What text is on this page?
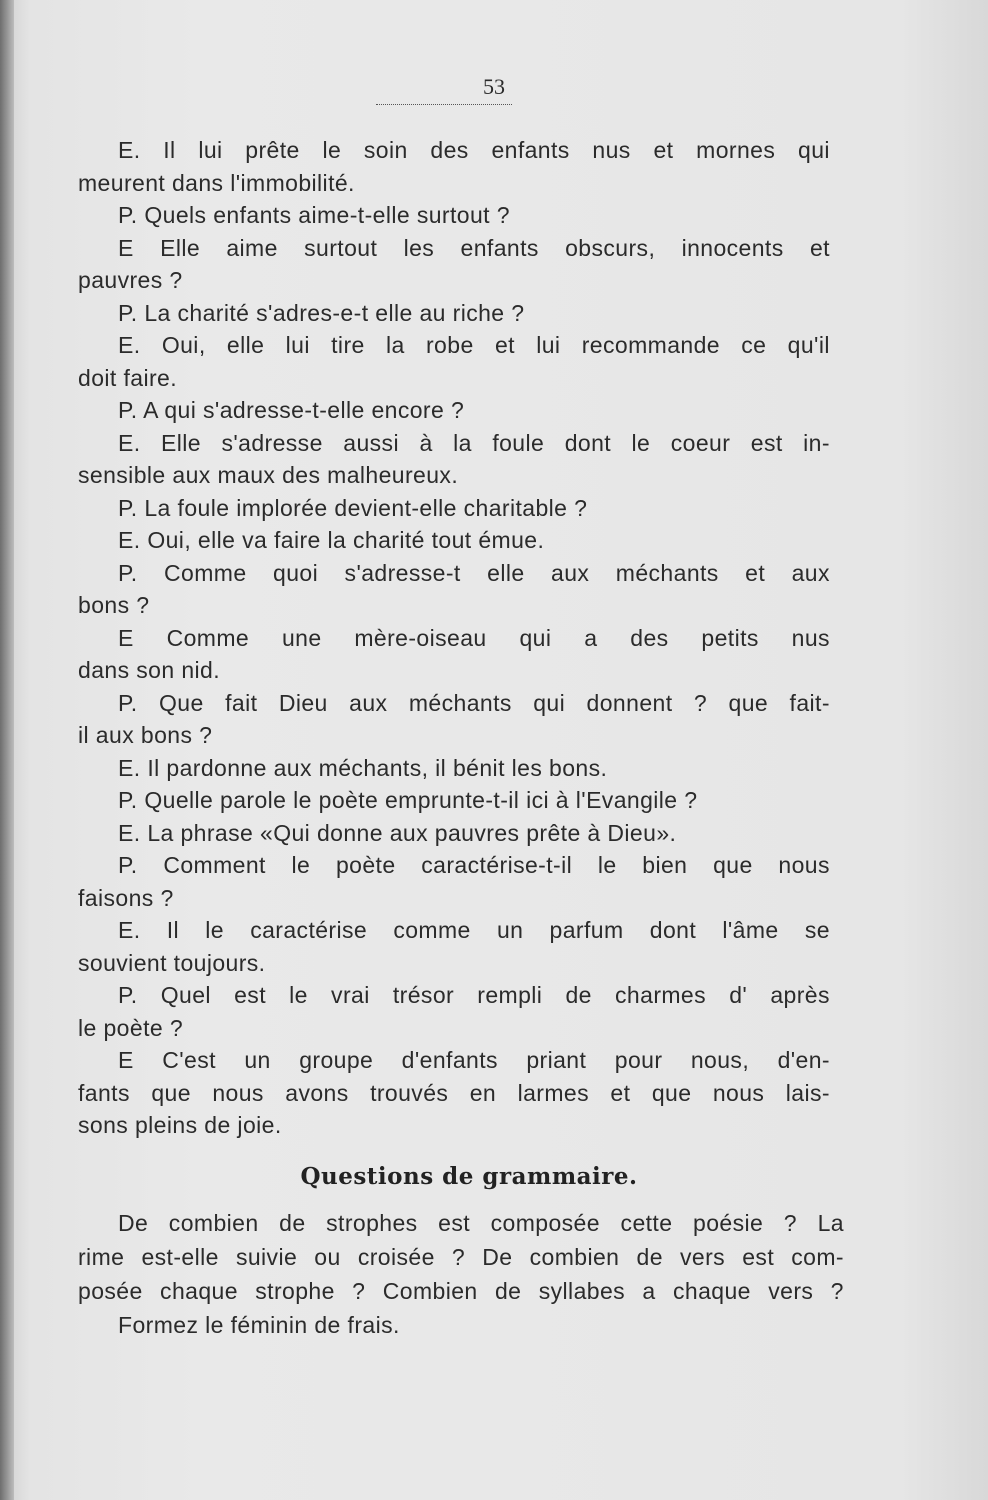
53
E. Il lui prête le soin des enfants nus et mornes qui
meurent dans l'immobilité.
P. Quels enfants aime-t-elle surtout ?
E Elle aime surtout les enfants obscurs, innocents et
pauvres ?
P. La charité s'adres-e-t elle au riche ?
E. Oui, elle lui tire la robe et lui recommande ce qu'il
doit faire.
P. A qui s'adresse-t-elle encore ?
E. Elle s'adresse aussi à la foule dont le coeur est in-
sensible aux maux des malheureux.
P. La foule implorée devient-elle charitable ?
E. Oui, elle va faire la charité tout émue.
P. Comme quoi s'adresse-t elle aux méchants et aux
bons ?
E Comme une mère-oiseau qui a des petits nus
dans son nid.
P. Que fait Dieu aux méchants qui donnent ? que fait-
il aux bons ?
E. Il pardonne aux méchants, il bénit les bons.
P. Quelle parole le poète emprunte-t-il ici à l'Evangile ?
E. La phrase «Qui donne aux pauvres prête à Dieu».
P. Comment le poète caractérise-t-il le bien que nous
faisons ?
E. Il le caractérise comme un parfum dont l'âme se
souvient toujours.
P. Quel est le vrai trésor rempli de charmes d' après
le poète ?
E C'est un groupe d'enfants priant pour nous, d'en-
fants que nous avons trouvés en larmes et que nous lais-
sons pleins de joie.
Questions de grammaire.
De combien de strophes est composée cette poésie ? La
rime est-elle suivie ou croisée ? De combien de vers est com-
posée chaque strophe ? Combien de syllabes a chaque vers ?
Formez le féminin de frais.
